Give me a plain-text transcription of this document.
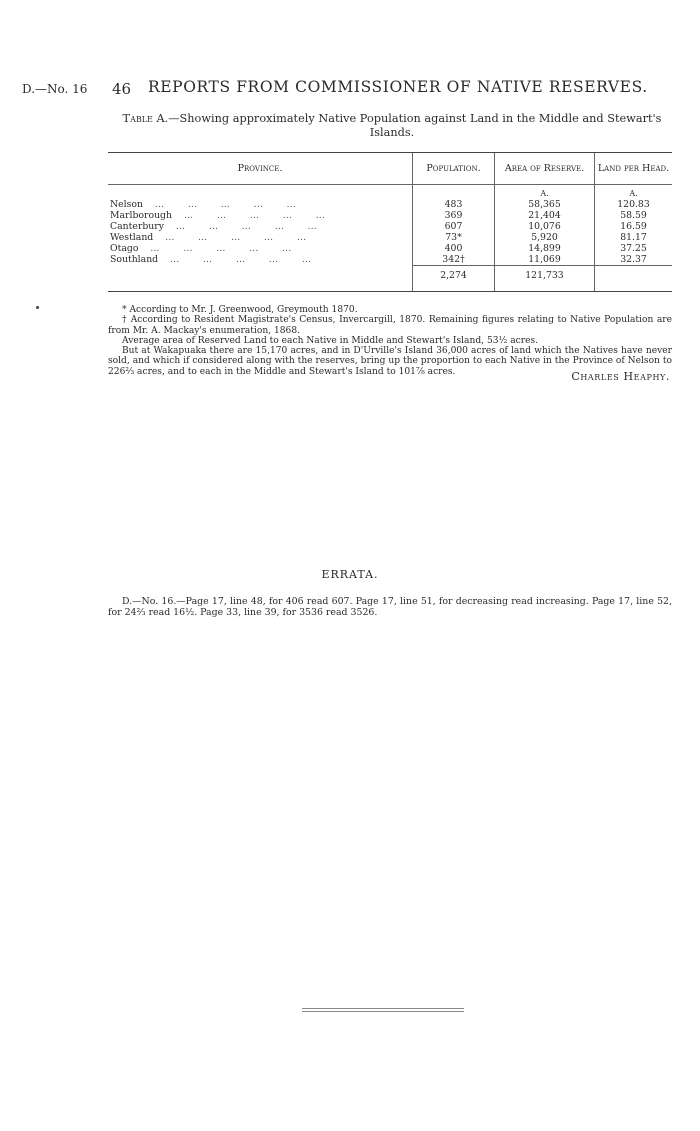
D.—No. 16 46 REPORTS FROM COMMISSIONER OF NATIVE RESERVES.
Table A.—Showing approximately Native Population against Land in the Middle and Stewart's Islands.
Province.	Population.	Area of Reserve.	Land per Head.
		A.	A.
Nelson    …        …        …        …        …	483	58,365	120.83
Marlborough    …        …        …        …        …	369	21,404	58.59
Canterbury    …        …        …        …        …	607	10,076	16.59
Westland    …        …        …        …        …	73*	5,920	81.17
Otago    …        …        …        …        …	400	14,899	37.25
Southland    …        …        …        …        …	342†	11,069	32.37
	2,274	121,733	

* According to Mr. J. Greenwood, Greymouth 1870.

† According to Resident Magistrate's Census, Invercargill, 1870. Remaining figures relating to Native Population are from Mr. A. Mackay's enumeration, 1868.

Average area of Reserved Land to each Native in Middle and Stewart's Island, 53½ acres.

But at Wakapuaka there are 15,170 acres, and in D'Urville's Island 36,000 acres of land which the Natives have never sold, and which if considered along with the reserves, bring up the proportion to each Native in the Province of Nelson to 226⅔ acres, and to each in the Middle and Stewart's Island to 101⅞ acres.	Charles Heaphy.
ERRATA.

D.—No. 16.—Page 17, line 48, for 406 read 607. Page 17, line 51, for decreasing read increasing. Page 17, line 52, for 24⅔ read 16½. Page 33, line 39, for 3536 read 3526.
